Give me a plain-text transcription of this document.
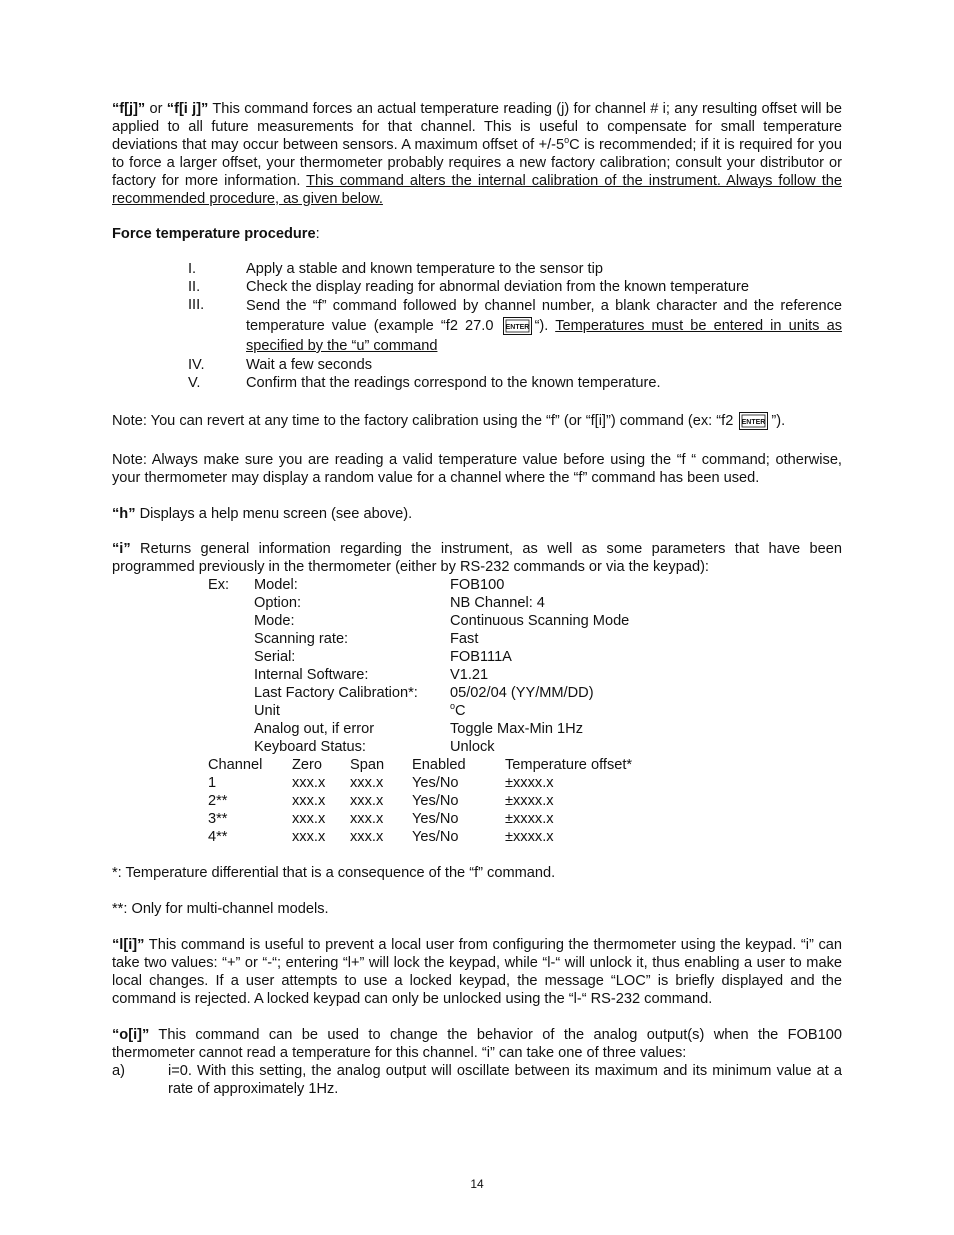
“f[j]” or “f[i j]” This command forces an actual temperature reading (j) for channel # i; any resulting offset will be applied to all future measurements for that channel. This is useful to compensate for small temperature deviations that may occur between sensors. A maximum offset of $+/-5^oC$ is recommended; if it is required for you to force a larger offset, your thermometer probably requires a new factory calibration; consult your distributor or factory for more information. This command alters the internal calibration of the instrument. Always follow the recommended procedure, as given below.

Force temperature procedure:

I.	Apply a stable and known temperature to the sensor tip
II.	Check the display reading for abnormal deviation from the known temperature
III.	Send the “f” command followed by channel number, a blank character and the reference temperature value (example “f2 27.0 ENTER “). Temperatures must be entered in units as specified by the “u” command
IV.	Wait a few seconds
V.	Confirm that the readings correspond to the known temperature.

Note: You can revert at any time to the factory calibration using the “f” (or “f[i]”) command (ex: “f2 ENTER ”).

Note: Always make sure you are reading a valid temperature value before using the “f “ command; otherwise, your thermometer may display a random value for a channel where the “f” command has been used.

“h” Displays a help menu screen (see above).

“i” Returns general information regarding the instrument, as well as some parameters that have been programmed previously in the thermometer (either by RS-232 commands or via the keypad):

Ex:	Model:	FOB100
Option:	NB Channel: 4
Mode:	Continuous Scanning Mode
Scanning rate:	Fast
Serial:	FOB111A
Internal Software:	V1.21
Last Factory Calibration*:	05/02/04 (YY/MM/DD)
Unit	$^o$C
Analog out, if error	Toggle Max-Min 1Hz
Keyboard Status:	Unlock
Channel	Zero	Span	Enabled	Temperature offset*
1	xxx.x	xxx.x	Yes/No	±xxxx.x
2**	xxx.x	xxx.x	Yes/No	±xxxx.x
3**	xxx.x	xxx.x	Yes/No	±xxxx.x
4**	xxx.x	xxx.x	Yes/No	±xxxx.x

*: Temperature differential that is a consequence of the “f” command.

**: Only for multi-channel models.

“l[i]” This command is useful to prevent a local user from configuring the thermometer using the keypad. “i” can take two values: “+” or “-“; entering “l+” will lock the keypad, while “l-“ will unlock it, thus enabling a user to make local changes. If a user attempts to use a locked keypad, the message “LOC” is briefly displayed and the command is rejected. A locked keypad can only be unlocked using the “l-“ RS-232 command.

“o[i]” This command can be used to change the behavior of the analog output(s) when the FOB100 thermometer cannot read a temperature for this channel. “i” can take one of three values:

a)	i=0. With this setting, the analog output will oscillate between its maximum and its minimum value at a rate of approximately 1Hz.
14
